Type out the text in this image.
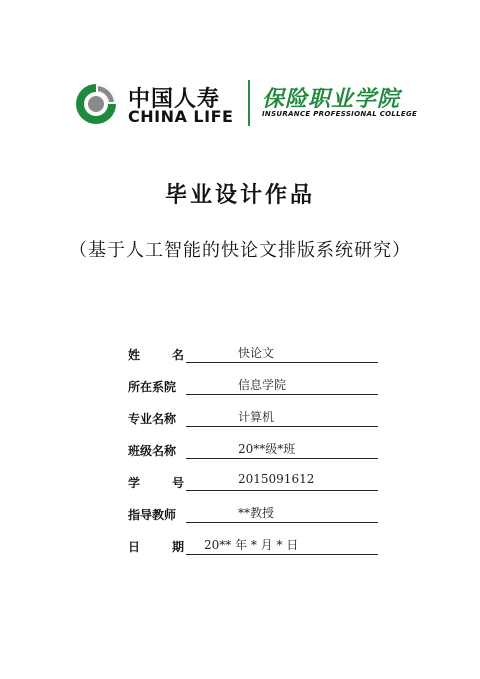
中国人寿
CHINA LIFE
保险职业学院
INSURANCE PROFESSIONAL COLLEGE
毕业设计作品
（基于人工智能的快论文排版系统研究）
姓	名	快论文
所在系院	信息学院
专业名称	计算机
班级名称	20**级*班
学	号	2015091612
指导教师	**教授
日	期 20** 年 * 月 * 日
